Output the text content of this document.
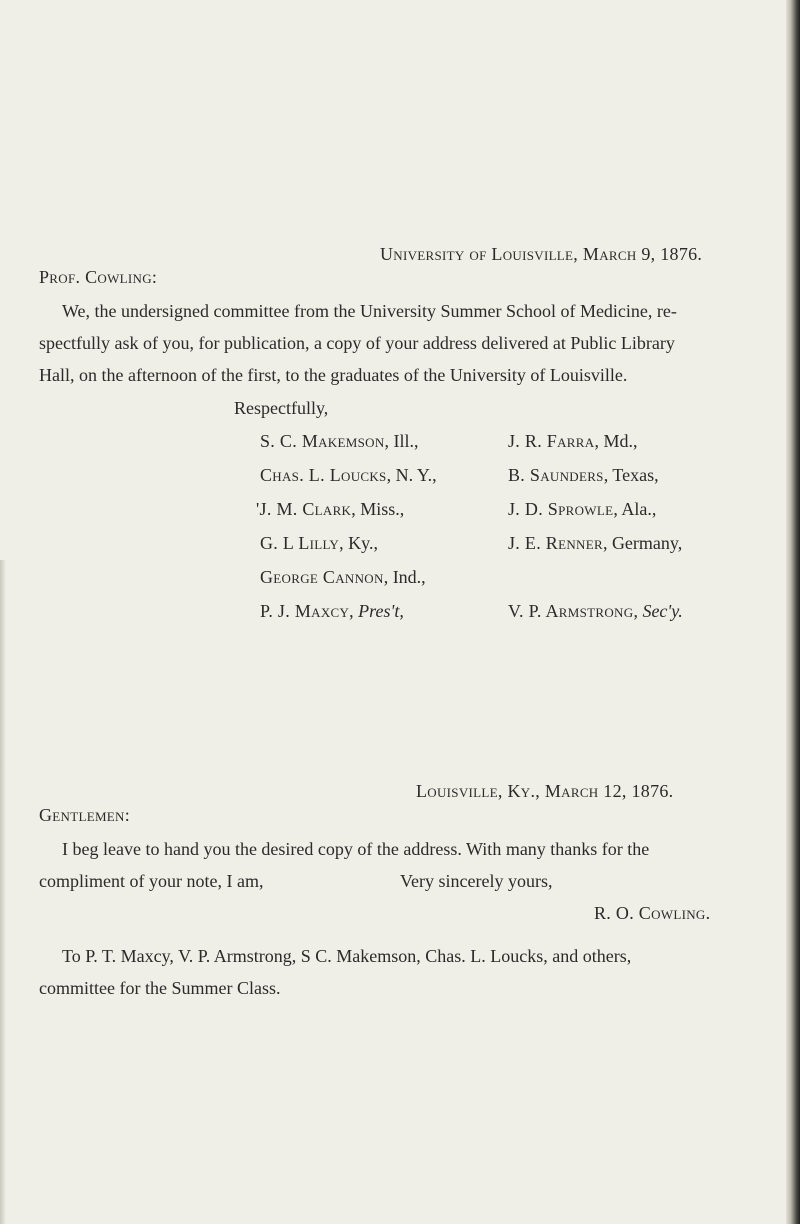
University of Louisville, March 9, 1876.
Prof. Cowling:
We, the undersigned committee from the University Summer School of Medicine, re-
spectfully ask of you, for publication, a copy of your address delivered at Public Library
Hall, on the afternoon of the first, to the graduates of the University of Louisville.
Respectfully,
S. C. Makemson, Ill.,
Chas. L. Loucks, N. Y.,
'J. M. Clark, Miss.,
G. L Lilly, Ky.,
George Cannon, Ind.,
P. J. Maxcy, Pres't,
J. R. Farra, Md.,
B. Saunders, Texas,
J. D. Sprowle, Ala.,
J. E. Renner, Germany,
V. P. Armstrong, Sec'y.
Louisville, Ky., March 12, 1876.
Gentlemen:
I beg leave to hand you the desired copy of the address. With many thanks for the
compliment of your note, I am,	Very sincerely yours,
R. O. Cowling.
To P. T. Maxcy, V. P. Armstrong, S C. Makemson, Chas. L. Loucks, and others,
committee for the Summer Class.
